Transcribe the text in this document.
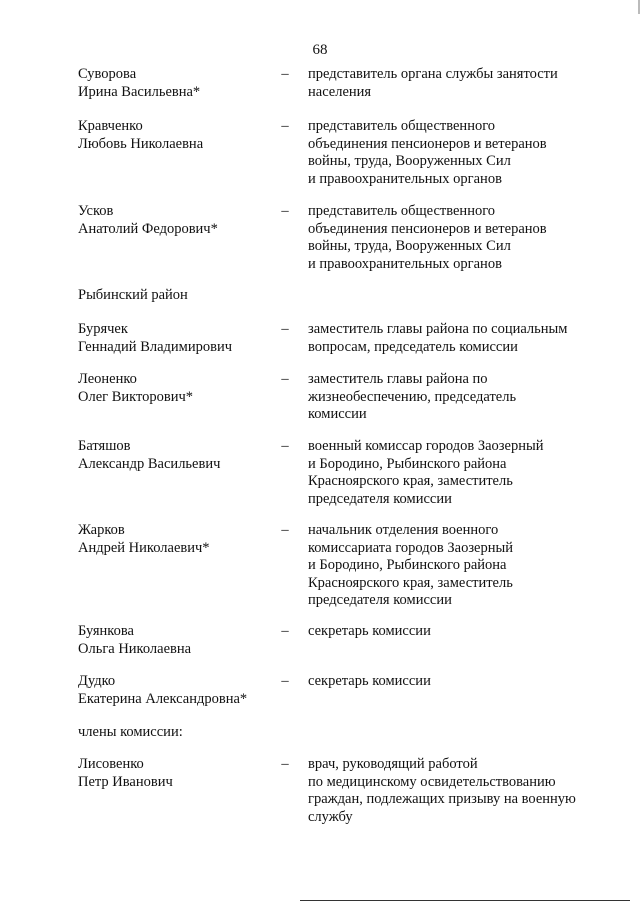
68
Суворова
Ирина Васильевна*
– представитель органа службы занятости
населения
Кравченко
Любовь Николаевна
– представитель общественного
объединения пенсионеров и ветеранов
войны, труда, Вооруженных Сил
и правоохранительных органов
Усков
Анатолий Федорович*
– представитель общественного
объединения пенсионеров и ветеранов
войны, труда, Вооруженных Сил
и правоохранительных органов
Рыбинский район
Бурячек
Геннадий Владимирович
– заместитель главы района по социальным
вопросам, председатель комиссии
Леоненко
Олег Викторович*
– заместитель главы района по
жизнеобеспечению, председатель
комиссии
Батяшов
Александр Васильевич
– военный комиссар городов Заозерный
и Бородино, Рыбинского района
Красноярского края, заместитель
председателя комиссии
Жарков
Андрей Николаевич*
– начальник отделения военного
комиссариата городов Заозерный
и Бородино, Рыбинского района
Красноярского края, заместитель
председателя комиссии
Буянкова
Ольга Николаевна
– секретарь комиссии
Дудко
Екатерина Александровна*
– секретарь комиссии
члены комиссии:
Лисовенко
Петр Иванович
– врач, руководящий работой
по медицинскому освидетельствованию
граждан, подлежащих призыву на военную
службу
